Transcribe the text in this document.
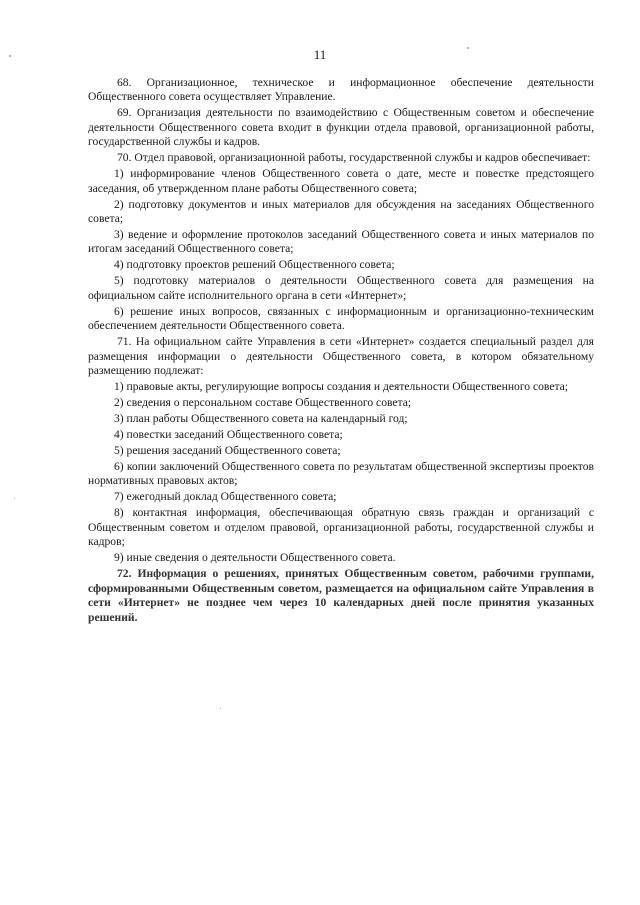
11

68. Организационное, техническое и информационное обеспечение деятельности Общественного совета осуществляет Управление.

69. Организация деятельности по взаимодействию с Общественным советом и обеспечение деятельности Общественного совета входит в функции отдела правовой, организационной работы, государственной службы и кадров.

70. Отдел правовой, организационной работы, государственной службы и кадров обеспечивает:

1) информирование членов Общественного совета о дате, месте и повестке предстоящего заседания, об утвержденном плане работы Общественного совета;

2) подготовку документов и иных материалов для обсуждения на заседаниях Общественного совета;

3) ведение и оформление протоколов заседаний Общественного совета и иных материалов по итогам заседаний Общественного совета;

4) подготовку проектов решений Общественного совета;

5) подготовку материалов о деятельности Общественного совета для размещения на официальном сайте исполнительного органа в сети «Интернет»;

6) решение иных вопросов, связанных с информационным и организационно-техническим обеспечением деятельности Общественного совета.

71. На официальном сайте Управления в сети «Интернет» создается специальный раздел для размещения информации о деятельности Общественного совета, в котором обязательному размещению подлежат:

1) правовые акты, регулирующие вопросы создания и деятельности Общественного совета;

2) сведения о персональном составе Общественного совета;

3) план работы Общественного совета на календарный год;

4) повестки заседаний Общественного совета;

5) решения заседаний Общественного совета;

6) копии заключений Общественного совета по результатам общественной экспертизы проектов нормативных правовых актов;

7) ежегодный доклад Общественного совета;

8) контактная информация, обеспечивающая обратную связь граждан и организаций с Общественным советом и отделом правовой, организационной работы, государственной службы и кадров;

9) иные сведения о деятельности Общественного совета.

72. Информация о решениях, принятых Общественным советом, рабочими группами, сформированными Общественным советом, размещается на официальном сайте Управления в сети «Интернет» не позднее чем через 10 календарных дней после принятия указанных решений.
